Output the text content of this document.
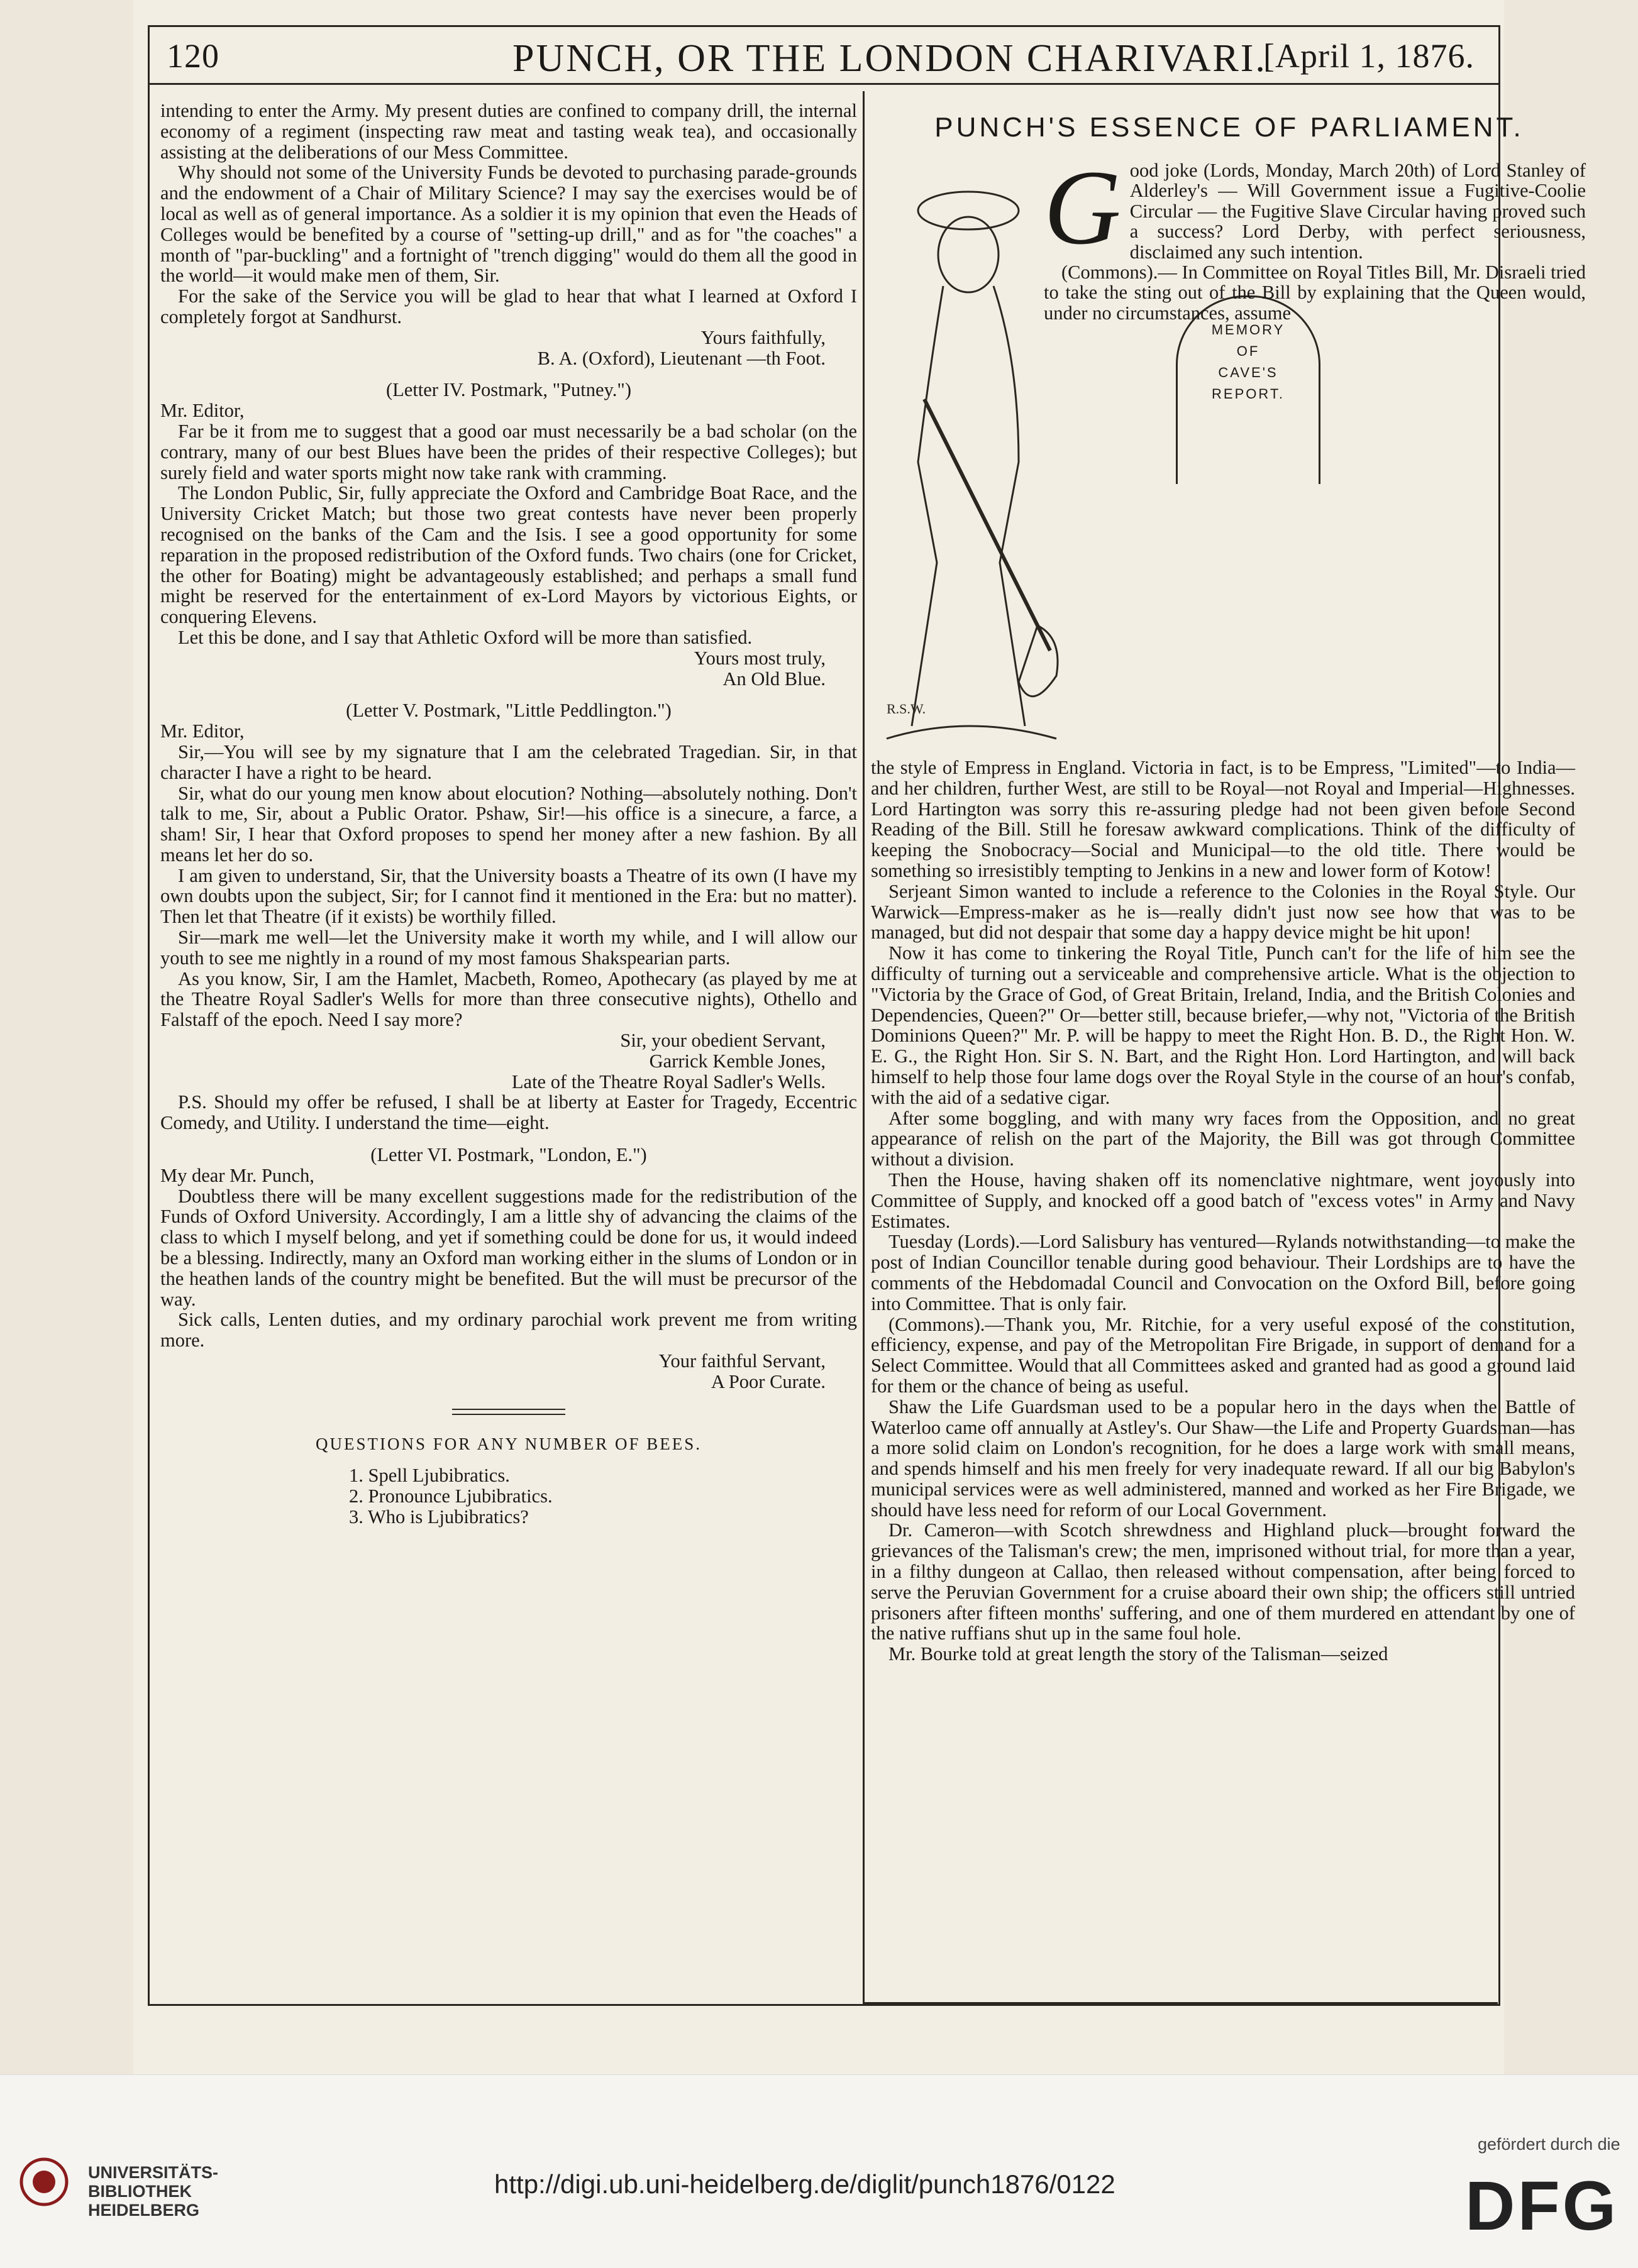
120	PUNCH, OR THE LONDON CHARIVARI.
[April 1, 1876.

intending to enter the Army. My present duties are confined to company drill, the internal economy of a regiment (inspecting raw meat and tasting weak tea), and occasionally assisting at the deliberations of our Mess Committee.

Why should not some of the University Funds be devoted to purchasing parade-grounds and the endowment of a Chair of Military Science? I may say the exercises would be of local as well as of general importance. As a soldier it is my opinion that even the Heads of Colleges would be benefited by a course of "setting-up drill," and as for "the coaches" a month of "par-buckling" and a fortnight of "trench digging" would do them all the good in the world—it would make men of them, Sir.

For the sake of the Service you will be glad to hear that what I learned at Oxford I completely forgot at Sandhurst.

Yours faithfully,

B. A. (Oxford), Lieutenant —th Foot.

(Letter IV. Postmark, "Putney.")

Mr. Editor,

Far be it from me to suggest that a good oar must necessarily be a bad scholar (on the contrary, many of our best Blues have been the prides of their respective Colleges); but surely field and water sports might now take rank with cramming.

The London Public, Sir, fully appreciate the Oxford and Cambridge Boat Race, and the University Cricket Match; but those two great contests have never been properly recognised on the banks of the Cam and the Isis. I see a good opportunity for some reparation in the proposed redistribution of the Oxford funds. Two chairs (one for Cricket, the other for Boating) might be advantageously established; and perhaps a small fund might be reserved for the entertainment of ex-Lord Mayors by victorious Eights, or conquering Elevens.

Let this be done, and I say that Athletic Oxford will be more than satisfied.

Yours most truly,

An Old Blue.

(Letter V. Postmark, "Little Peddlington.")

Mr. Editor,

Sir,—You will see by my signature that I am the celebrated Tragedian. Sir, in that character I have a right to be heard.

Sir, what do our young men know about elocution? Nothing—absolutely nothing. Don't talk to me, Sir, about a Public Orator. Pshaw, Sir!—his office is a sinecure, a farce, a sham! Sir, I hear that Oxford proposes to spend her money after a new fashion. By all means let her do so.

I am given to understand, Sir, that the University boasts a Theatre of its own (I have my own doubts upon the subject, Sir; for I cannot find it mentioned in the Era: but no matter). Then let that Theatre (if it exists) be worthily filled.

Sir—mark me well—let the University make it worth my while, and I will allow our youth to see me nightly in a round of my most famous Shakspearian parts.

As you know, Sir, I am the Hamlet, Macbeth, Romeo, Apothecary (as played by me at the Theatre Royal Sadler's Wells for more than three consecutive nights), Othello and Falstaff of the epoch. Need I say more?

Sir, your obedient Servant,

Garrick Kemble Jones,

Late of the Theatre Royal Sadler's Wells.

P.S. Should my offer be refused, I shall be at liberty at Easter for Tragedy, Eccentric Comedy, and Utility. I understand the time—eight.

(Letter VI. Postmark, "London, E.")

My dear Mr. Punch,

Doubtless there will be many excellent suggestions made for the redistribution of the Funds of Oxford University. Accordingly, I am a little shy of advancing the claims of the class to which I myself belong, and yet if something could be done for us, it would indeed be a blessing. Indirectly, many an Oxford man working either in the slums of London or in the heathen lands of the country might be benefited. But the will must be precursor of the way.

Sick calls, Lenten duties, and my ordinary parochial work prevent me from writing more.

Your faithful Servant,

A Poor Curate.

QUESTIONS FOR ANY NUMBER OF BEES.

1. Spell Ljubibratics.

2. Pronounce Ljubibratics.

3. Who is Ljubibratics?

PUNCH'S ESSENCE OF PARLIAMENT.
R.S.W.
MEMORY
OF
CAVE'S
REPORT.
G ood joke (Lords, Monday, March 20th) of Lord Stanley of Alderley's — Will Government issue a Fugitive-Coolie Circular — the Fugitive Slave Circular having proved such a success? Lord Derby, with perfect seriousness, disclaimed any such intention.

(Commons).— In Committee on Royal Titles Bill, Mr. Disraeli tried to take the sting out of the Bill by explaining that the Queen would, under no circumstances, assume

the style of Empress in England. Victoria in fact, is to be Empress, "Limited"—to India—and her children, further West, are still to be Royal—not Royal and Imperial—Highnesses. Lord Hartington was sorry this re-assuring pledge had not been given before Second Reading of the Bill. Still he foresaw awkward complications. Think of the difficulty of keeping the Snobocracy—Social and Municipal—to the old title. There would be something so irresistibly tempting to Jenkins in a new and lower form of Kotow!

Serjeant Simon wanted to include a reference to the Colonies in the Royal Style. Our Warwick—Empress-maker as he is—really didn't just now see how that was to be managed, but did not despair that some day a happy device might be hit upon!

Now it has come to tinkering the Royal Title, Punch can't for the life of him see the difficulty of turning out a serviceable and comprehensive article. What is the objection to "Victoria by the Grace of God, of Great Britain, Ireland, India, and the British Colonies and Dependencies, Queen?" Or—better still, because briefer,—why not, "Victoria of the British Dominions Queen?" Mr. P. will be happy to meet the Right Hon. B. D., the Right Hon. W. E. G., the Right Hon. Sir S. N. Bart, and the Right Hon. Lord Hartington, and will back himself to help those four lame dogs over the Royal Style in the course of an hour's confab, with the aid of a sedative cigar.

After some boggling, and with many wry faces from the Opposition, and no great appearance of relish on the part of the Majority, the Bill was got through Committee without a division.

Then the House, having shaken off its nomenclative nightmare, went joyously into Committee of Supply, and knocked off a good batch of "excess votes" in Army and Navy Estimates.

Tuesday (Lords).—Lord Salisbury has ventured—Rylands notwithstanding—to make the post of Indian Councillor tenable during good behaviour. Their Lordships are to have the comments of the Hebdomadal Council and Convocation on the Oxford Bill, before going into Committee. That is only fair.

(Commons).—Thank you, Mr. Ritchie, for a very useful exposé of the constitution, efficiency, expense, and pay of the Metropolitan Fire Brigade, in support of demand for a Select Committee. Would that all Committees asked and granted had as good a ground laid for them or the chance of being as useful.

Shaw the Life Guardsman used to be a popular hero in the days when the Battle of Waterloo came off annually at Astley's. Our Shaw—the Life and Property Guardsman—has a more solid claim on London's recognition, for he does a large work with small means, and spends himself and his men freely for very inadequate reward. If all our big Babylon's municipal services were as well administered, manned and worked as her Fire Brigade, we should have less need for reform of our Local Government.

Dr. Cameron—with Scotch shrewdness and Highland pluck—brought forward the grievances of the Talisman's crew; the men, imprisoned without trial, for more than a year, in a filthy dungeon at Callao, then released without compensation, after being forced to serve the Peruvian Government for a cruise aboard their own ship; the officers still untried prisoners after fifteen months' suffering, and one of them murdered en attendant by one of the native ruffians shut up in the same foul hole.

Mr. Bourke told at great length the story of the Talisman—seized

UNIVERSITÄTS-
BIBLIOTHEK
HEIDELBERG
http://digi.ub.uni-heidelberg.de/diglit/punch1876/0122
gefördert durch die
DFG
